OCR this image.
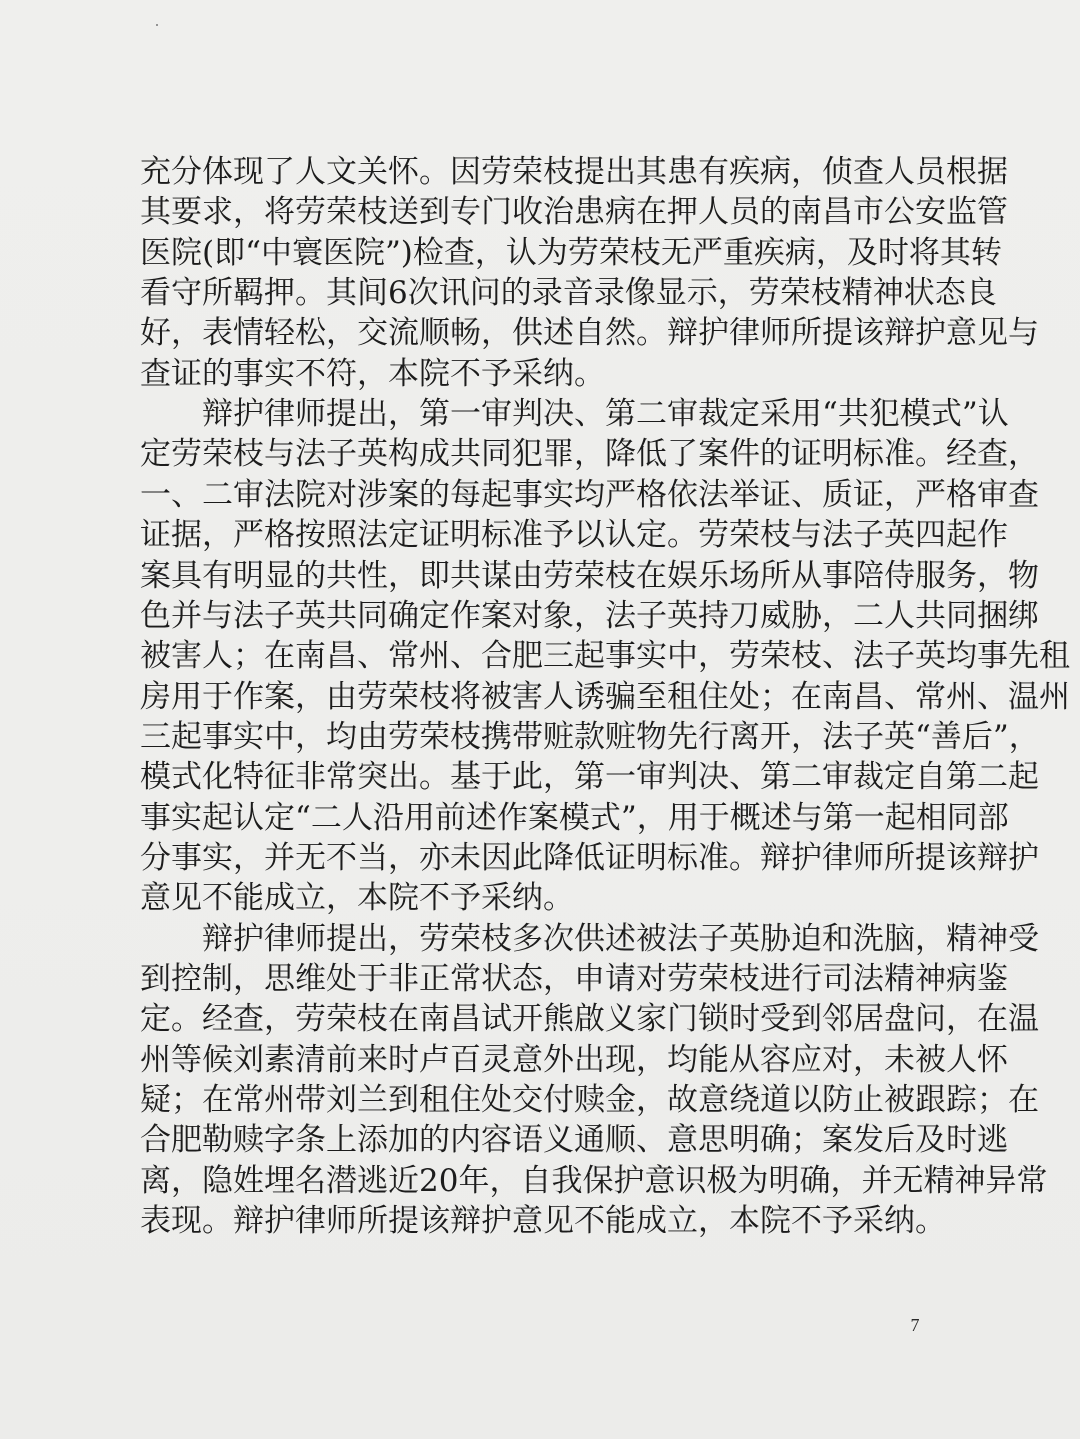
充分体现了人文关怀。因劳荣枝提出其患有疾病，侦查人员根据
其要求，将劳荣枝送到专门收治患病在押人员的南昌市公安监管
医院(即“中寰医院”)检查，认为劳荣枝无严重疾病，及时将其转
看守所羁押。其间6次讯问的录音录像显示，劳荣枝精神状态良
好，表情轻松，交流顺畅，供述自然。辩护律师所提该辩护意见与
查证的事实不符，本院不予采纳。
　　辩护律师提出，第一审判决、第二审裁定采用“共犯模式”认
定劳荣枝与法子英构成共同犯罪，降低了案件的证明标准。经查，
一、二审法院对涉案的每起事实均严格依法举证、质证，严格审查
证据，严格按照法定证明标准予以认定。劳荣枝与法子英四起作
案具有明显的共性，即共谋由劳荣枝在娱乐场所从事陪侍服务，物
色并与法子英共同确定作案对象，法子英持刀威胁，二人共同捆绑
被害人；在南昌、常州、合肥三起事实中，劳荣枝、法子英均事先租
房用于作案，由劳荣枝将被害人诱骗至租住处；在南昌、常州、温州
三起事实中，均由劳荣枝携带赃款赃物先行离开，法子英“善后”，
模式化特征非常突出。基于此，第一审判决、第二审裁定自第二起
事实起认定“二人沿用前述作案模式”，用于概述与第一起相同部
分事实，并无不当，亦未因此降低证明标准。辩护律师所提该辩护
意见不能成立，本院不予采纳。
　　辩护律师提出，劳荣枝多次供述被法子英胁迫和洗脑，精神受
到控制，思维处于非正常状态，申请对劳荣枝进行司法精神病鉴
定。经查，劳荣枝在南昌试开熊啟义家门锁时受到邻居盘问，在温
州等候刘素清前来时卢百灵意外出现，均能从容应对，未被人怀
疑；在常州带刘兰到租住处交付赎金，故意绕道以防止被跟踪；在
合肥勒赎字条上添加的内容语义通顺、意思明确；案发后及时逃
离，隐姓埋名潜逃近20年，自我保护意识极为明确，并无精神异常
表现。辩护律师所提该辩护意见不能成立，本院不予采纳。
7
